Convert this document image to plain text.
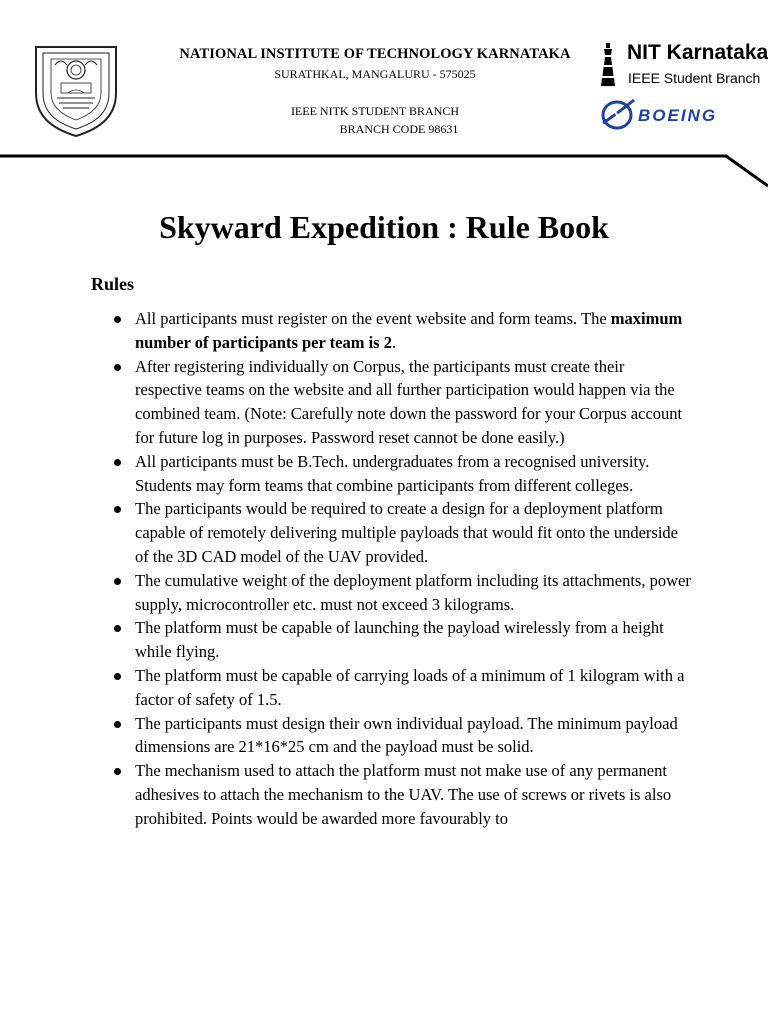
NATIONAL INSTITUTE OF TECHNOLOGY KARNATAKA

SURATHKAL, MANGALURU - 575025
IEEE NITK STUDENT BRANCH
BRANCH CODE 98631
NIT Karnataka
IEEE Student Branch
BOEING
Skyward Expedition : Rule Book
Rules
All participants must register on the event website and form teams. The maximum number of participants per team is 2.
After registering individually on Corpus, the participants must create their respective teams on the website and all further participation would happen via the combined team. (Note: Carefully note down the password for your Corpus account for future log in purposes. Password reset cannot be done easily.)
All participants must be B.Tech. undergraduates from a recognised university. Students may form teams that combine participants from different colleges.
The participants would be required to create a design for a deployment platform capable of remotely delivering multiple payloads that would fit onto the underside of the 3D CAD model of the UAV provided.
The cumulative weight of the deployment platform including its attachments, power supply, microcontroller etc. must not exceed 3 kilograms.
The platform must be capable of launching the payload wirelessly from a height while flying.
The platform must be capable of carrying loads of a minimum of 1 kilogram with a factor of safety of 1.5.
The participants must design their own individual payload. The minimum payload dimensions are 21*16*25 cm and the payload must be solid.
The mechanism used to attach the platform must not make use of any permanent adhesives to attach the mechanism to the UAV. The use of screws or rivets is also prohibited. Points would be awarded more favourably to
